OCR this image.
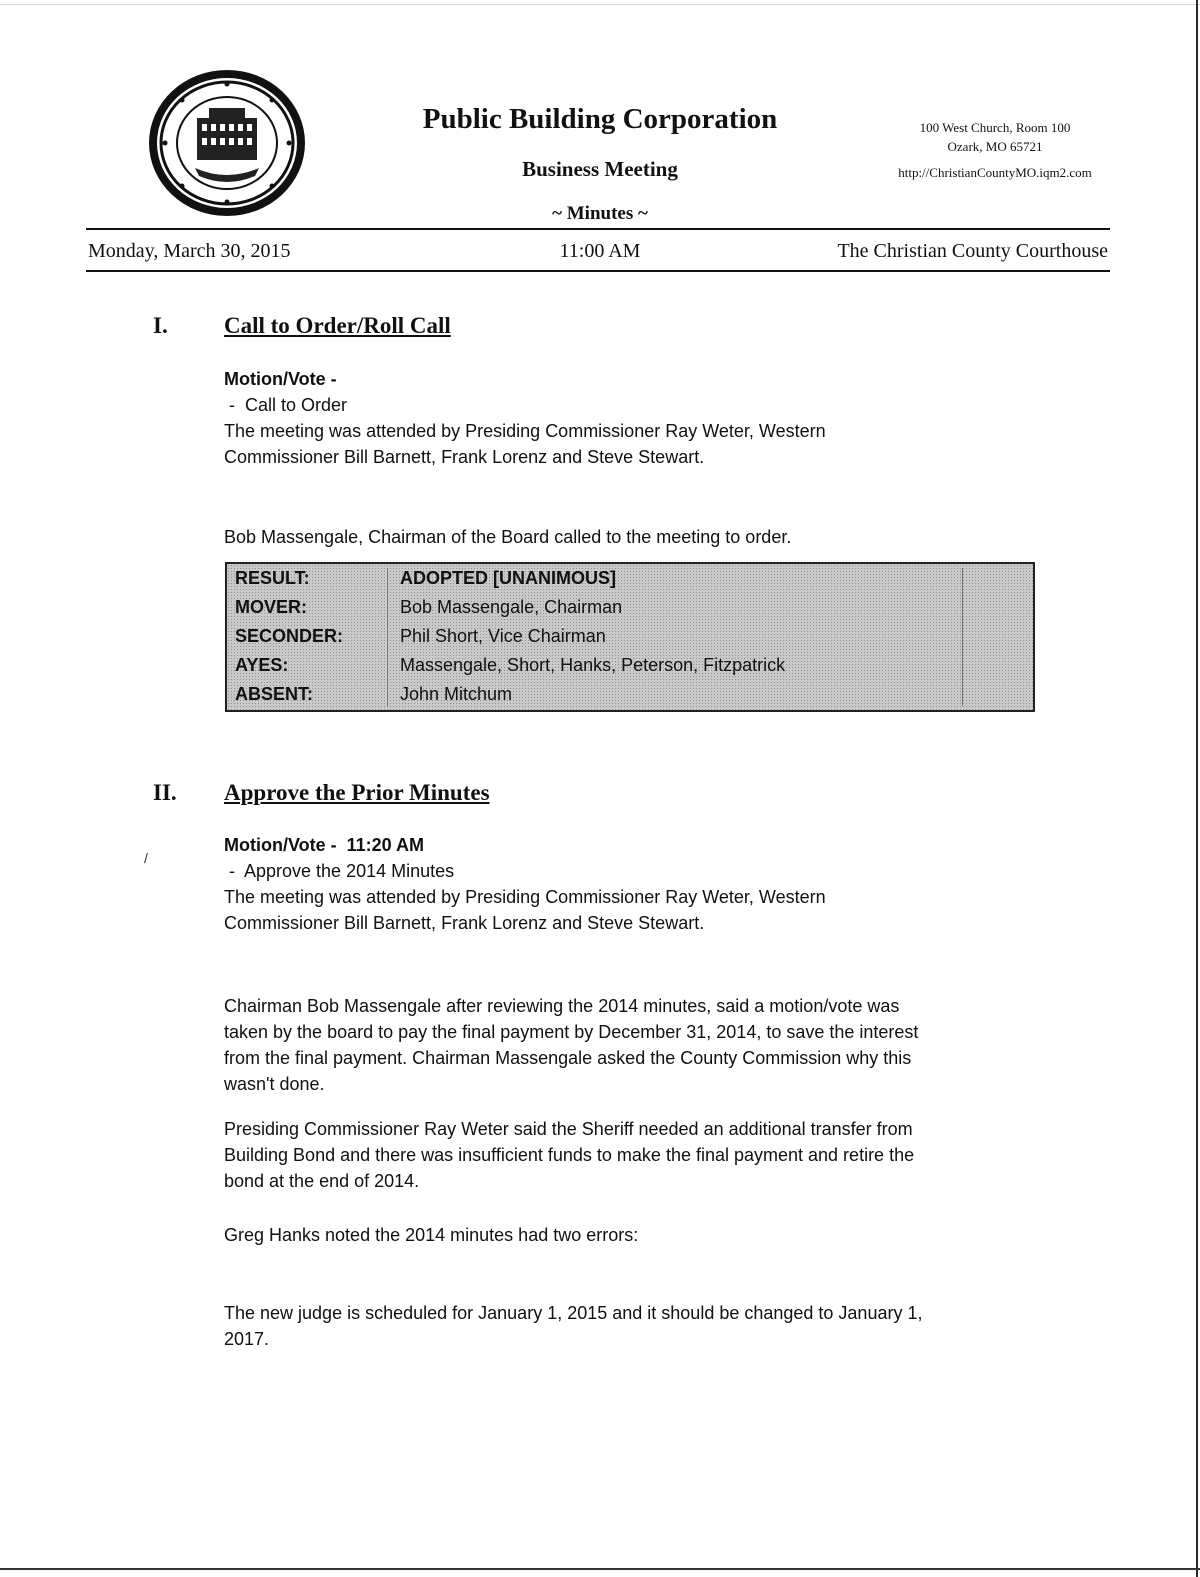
Public Building Corporation
Business Meeting
~ Minutes ~
100 West Church, Room 100
Ozark, MO 65721
http://ChristianCountyMO.iqm2.com
Monday, March 30, 2015	11:00 AM	The Christian County Courthouse
I. Call to Order/Roll Call

Motion/Vote -

-  Call to Order

The meeting was attended by Presiding Commissioner Ray Weter, Western

Commissioner Bill Barnett, Frank Lorenz and Steve Stewart.

Bob Massengale, Chairman of the Board called to the meeting to order.
RESULT:	ADOPTED [UNANIMOUS]
MOVER:	Bob Massengale, Chairman
SECONDER:	Phil Short, Vice Chairman
AYES:	Massengale, Short, Hanks, Peterson, Fitzpatrick
ABSENT:	John Mitchum
II. Approve the Prior Minutes
/

Motion/Vote -  11:20 AM

-  Approve the 2014 Minutes

The meeting was attended by Presiding Commissioner Ray Weter, Western

Commissioner Bill Barnett, Frank Lorenz and Steve Stewart.

Chairman Bob Massengale after reviewing the 2014 minutes, said a motion/vote was

taken by the board to pay the final payment by December 31, 2014, to save the interest

from the final payment. Chairman Massengale asked the County Commission why this

wasn't done.

Presiding Commissioner Ray Weter said the Sheriff needed an additional transfer from

Building Bond and there was insufficient funds to make the final payment and retire the

bond at the end of 2014.

Greg Hanks noted the 2014 minutes had two errors:

The new judge is scheduled for January 1, 2015 and it should be changed to January 1,

2017.
